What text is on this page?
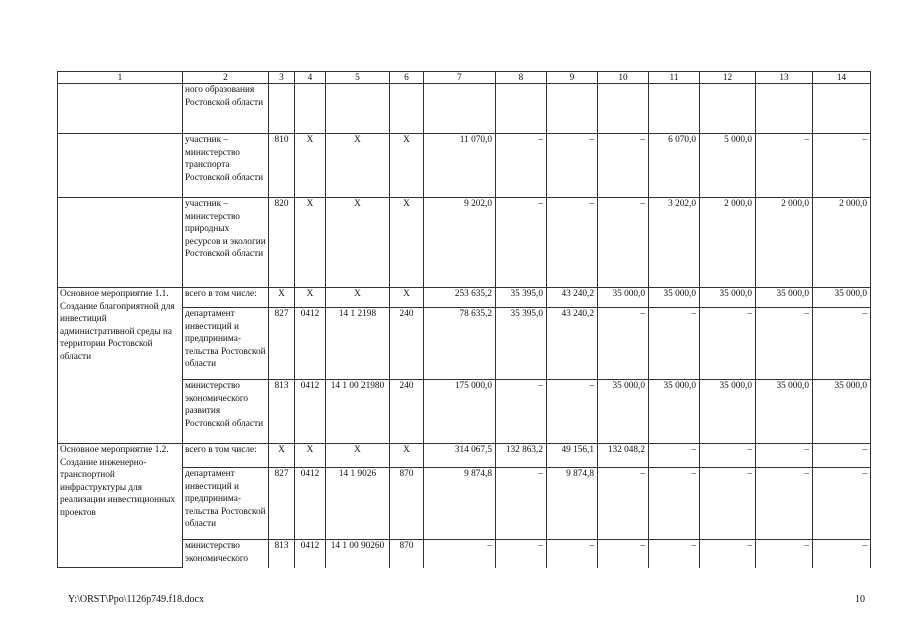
1	2	3	4	5	6	7	8	9	10	11	12	13	14
	ного образования Ростовской области												
	участник – министерство транспорта Ростовской области	810	Х	Х	Х	11 070,0	–	–	–	6 070,0	5 000,0	–	–
	участник – министерство природных ресурсов и экологии Ростовской области	820	Х	Х	Х	9 202,0	–	–	–	3 202,0	2 000,0	2 000,0	2 000,0
Основное мероприятие 1.1. Создание благоприятной для инвестиций административной среды на территории Ростовской области	всего в том числе:	Х	Х	Х	Х	253 635,2	35 395,0	43 240,2	35 000,0	35 000,0	35 000,0	35 000,0	35 000,0
	департамент инвестиций и предпринима-тельства Ростовской области	827	0412	14 1 2198	240	78 635,2	35 395,0	43 240,2	–	–	–	–	–
	министерство экономического развития Ростовской области	813	0412	14 1 00 21980	240	175 000,0	–	–	35 000,0	35 000,0	35 000,0	35 000,0	35 000,0
Основное мероприятие 1.2. Создание инженерно-транспортной инфраструктуры для реализации инвестиционных проектов	всего в том числе:	Х	Х	Х	Х	314 067,5	132 863,2	49 156,1	132 048,2	–	–	–	–
	департамент инвестиций и предпринима-тельства Ростовской области	827	0412	14 1 9026	870	9 874,8	–	9 874,8	–	–	–	–	–
	министерство экономического	813	0412	14 1 00 90260	870	–	–	–	–	–	–	–	–
Y:\ORST\Ppo\1126p749.f18.docx	10
